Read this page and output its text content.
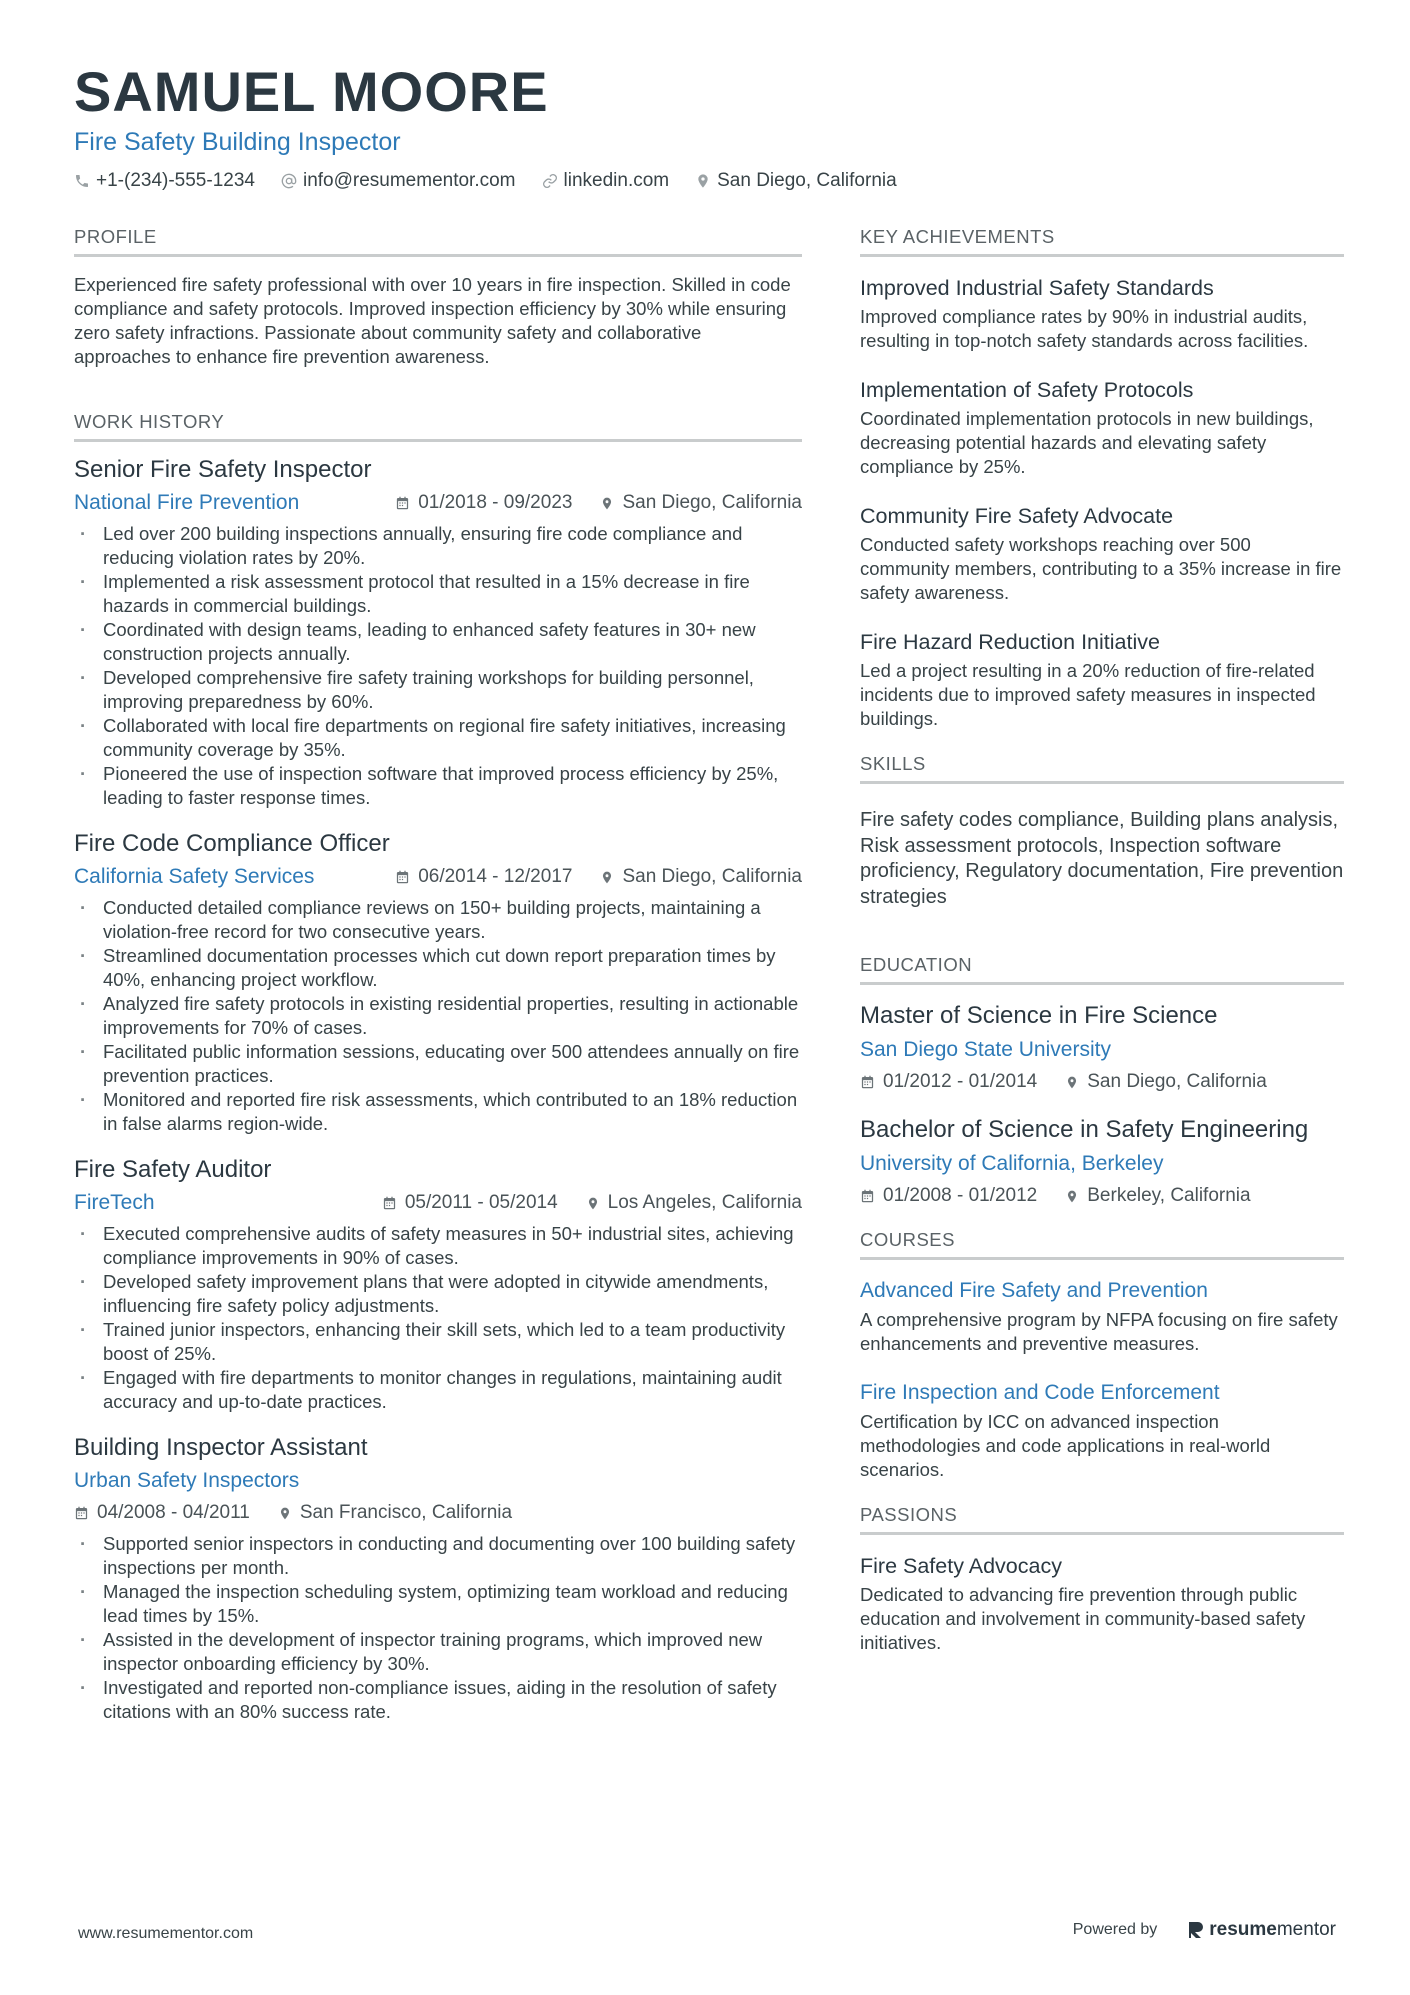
SAMUEL MOORE
Fire Safety Building Inspector
+1-(234)-555-1234	info@resumementor.com	linkedin.com	San Diego, California
PROFILE

Experienced fire safety professional with over 10 years in fire inspection. Skilled in code compliance and safety protocols. Improved inspection efficiency by 30% while ensuring zero safety infractions. Passionate about community safety and collaborative approaches to enhance fire prevention awareness.

WORK HISTORY
Senior Fire Safety Inspector
National Fire Prevention	01/2018 - 09/2023	San Diego, California
· Led over 200 building inspections annually, ensuring fire code compliance and reducing violation rates by 20%.
· Implemented a risk assessment protocol that resulted in a 15% decrease in fire hazards in commercial buildings.
· Coordinated with design teams, leading to enhanced safety features in 30+ new construction projects annually.
· Developed comprehensive fire safety training workshops for building personnel, improving preparedness by 60%.
· Collaborated with local fire departments on regional fire safety initiatives, increasing community coverage by 35%.
· Pioneered the use of inspection software that improved process efficiency by 25%, leading to faster response times.
Fire Code Compliance Officer
California Safety Services	06/2014 - 12/2017	San Diego, California
· Conducted detailed compliance reviews on 150+ building projects, maintaining a violation-free record for two consecutive years.
· Streamlined documentation processes which cut down report preparation times by 40%, enhancing project workflow.
· Analyzed fire safety protocols in existing residential properties, resulting in actionable improvements for 70% of cases.
· Facilitated public information sessions, educating over 500 attendees annually on fire prevention practices.
· Monitored and reported fire risk assessments, which contributed to an 18% reduction in false alarms region-wide.
Fire Safety Auditor
FireTech	05/2011 - 05/2014	Los Angeles, California
· Executed comprehensive audits of safety measures in 50+ industrial sites, achieving compliance improvements in 90% of cases.
· Developed safety improvement plans that were adopted in citywide amendments, influencing fire safety policy adjustments.
· Trained junior inspectors, enhancing their skill sets, which led to a team productivity boost of 25%.
· Engaged with fire departments to monitor changes in regulations, maintaining audit accuracy and up-to-date practices.
Building Inspector Assistant
Urban Safety Inspectors
04/2008 - 04/2011	San Francisco, California
· Supported senior inspectors in conducting and documenting over 100 building safety inspections per month.
· Managed the inspection scheduling system, optimizing team workload and reducing lead times by 15%.
· Assisted in the development of inspector training programs, which improved new inspector onboarding efficiency by 30%.
· Investigated and reported non-compliance issues, aiding in the resolution of safety citations with an 80% success rate.
KEY ACHIEVEMENTS
Improved Industrial Safety Standards

Improved compliance rates by 90% in industrial audits, resulting in top-notch safety standards across facilities.

Implementation of Safety Protocols

Coordinated implementation protocols in new buildings, decreasing potential hazards and elevating safety compliance by 25%.

Community Fire Safety Advocate

Conducted safety workshops reaching over 500 community members, contributing to a 35% increase in fire safety awareness.

Fire Hazard Reduction Initiative

Led a project resulting in a 20% reduction of fire-related incidents due to improved safety measures in inspected buildings.

SKILLS

Fire safety codes compliance, Building plans analysis, Risk assessment protocols, Inspection software proficiency, Regulatory documentation, Fire prevention strategies

EDUCATION
Master of Science in Fire Science
San Diego State University
01/2012 - 01/2014	San Diego, California
Bachelor of Science in Safety Engineering
University of California, Berkeley
01/2008 - 01/2012	Berkeley, California
COURSES
Advanced Fire Safety and Prevention

A comprehensive program by NFPA focusing on fire safety enhancements and preventive measures.

Fire Inspection and Code Enforcement

Certification by ICC on advanced inspection methodologies and code applications in real-world scenarios.

PASSIONS
Fire Safety Advocacy

Dedicated to advancing fire prevention through public education and involvement in community-based safety initiatives.

www.resumementor.com	Powered by	resume mentor
